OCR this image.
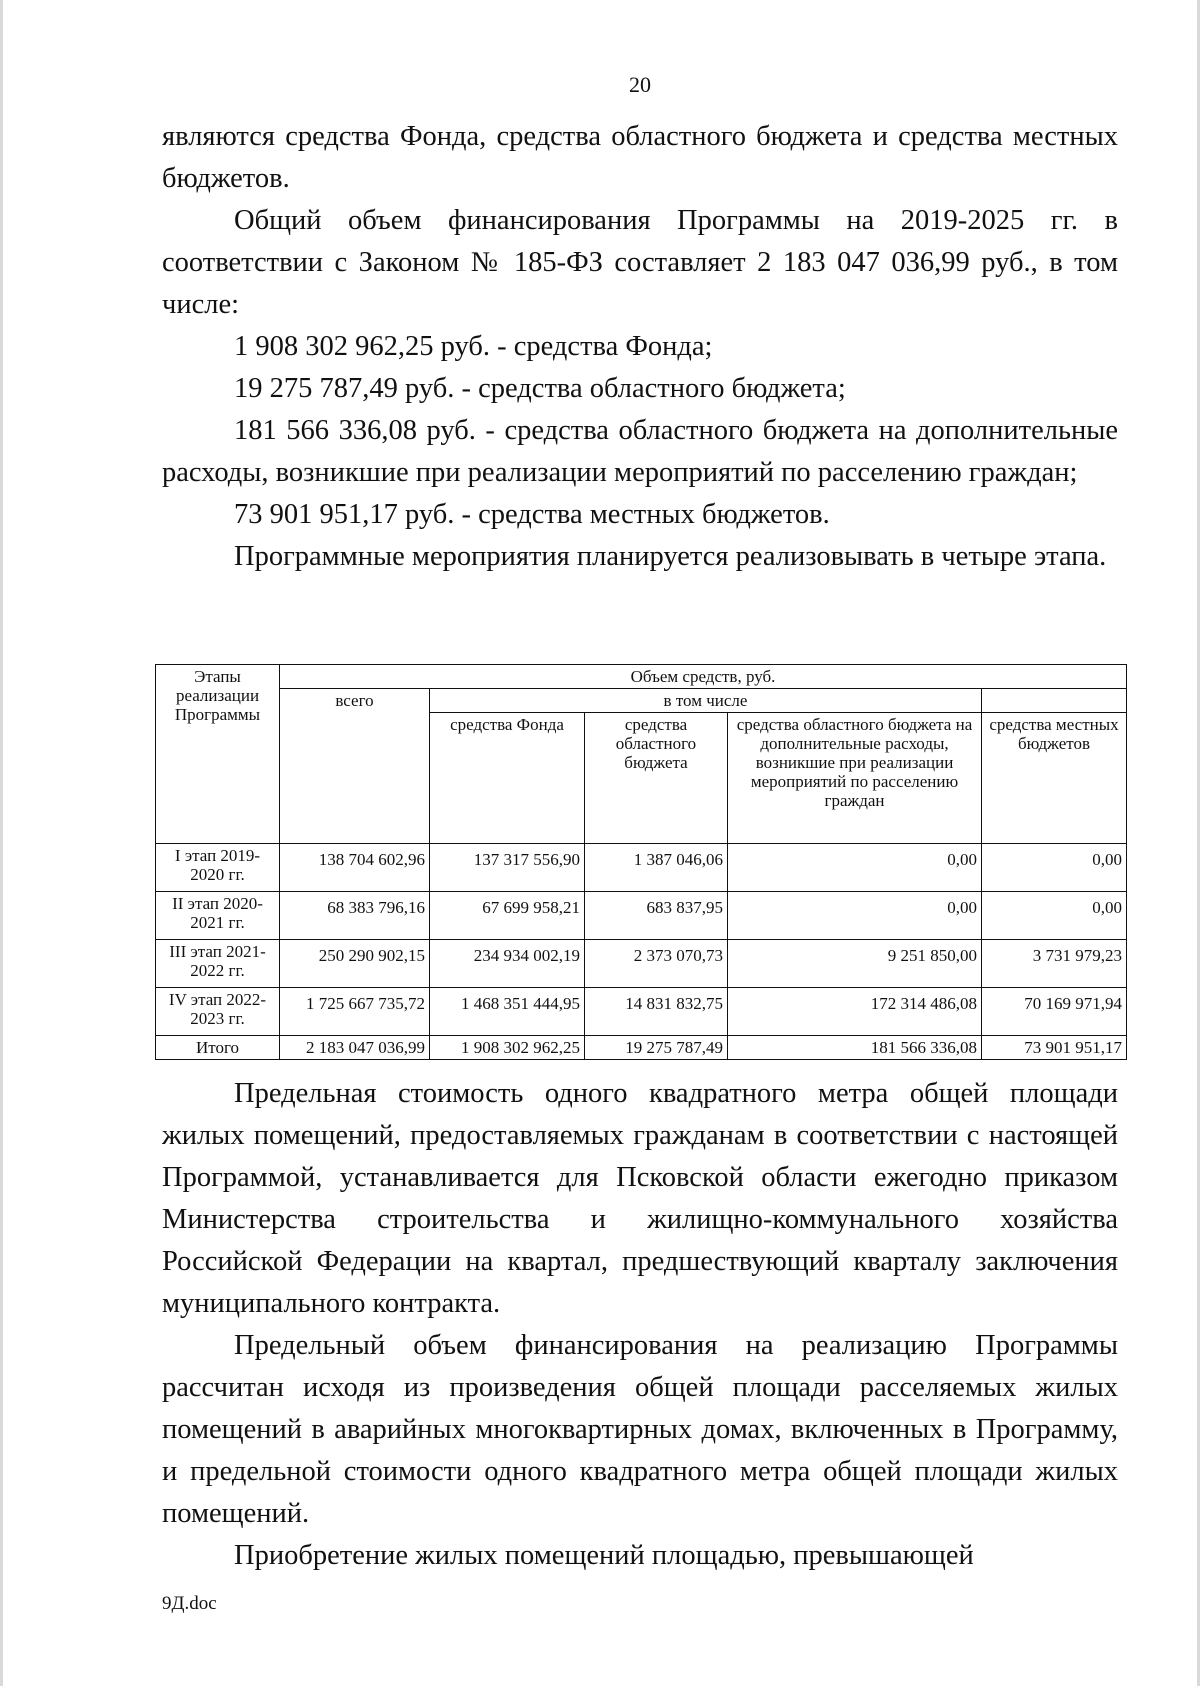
20

являются средства Фонда, средства областного бюджета и средства местных бюджетов.

Общий объем финансирования Программы на 2019-2025 гг. в соответствии с Законом № 185-ФЗ составляет 2 183 047 036,99 руб., в том числе:

1 908 302 962,25 руб. - средства Фонда;

19 275 787,49 руб. - средства областного бюджета;

181 566 336,08 руб. - средства областного бюджета на дополнительные расходы, возникшие при реализации мероприятий по расселению граждан;

73 901 951,17 руб. - средства местных бюджетов.

Программные мероприятия планируется реализовывать в четыре этапа.

Этапы реализации Программы	Объем средств, руб.				
	всего	в том числе			
		средства Фонда	средства областного бюджета	средства областного бюджета на дополнительные расходы, возникшие при реализации мероприятий по расселению граждан	средства местных бюджетов
I этап 2019-2020 гг.	138 704 602,96	137 317 556,90	1 387 046,06	0,00	0,00
II этап 2020-2021 гг.	68 383 796,16	67 699 958,21	683 837,95	0,00	0,00
III этап 2021-2022 гг.	250 290 902,15	234 934 002,19	2 373 070,73	9 251 850,00	3 731 979,23
IV этап 2022-2023 гг.	1 725 667 735,72	1 468 351 444,95	14 831 832,75	172 314 486,08	70 169 971,94
Итого	2 183 047 036,99	1 908 302 962,25	19 275 787,49	181 566 336,08	73 901 951,17

Предельная стоимость одного квадратного метра общей площади жилых помещений, предоставляемых гражданам в соответствии с настоящей Программой, устанавливается для Псковской области ежегодно приказом Министерства строительства и жилищно-коммунального хозяйства Российской Федерации на квартал, предшествующий кварталу заключения муниципального контракта.

Предельный объем финансирования на реализацию Программы рассчитан исходя из произведения общей площади расселяемых жилых помещений в аварийных многоквартирных домах, включенных в Программу, и предельной стоимости одного квадратного метра общей площади жилых помещений.

Приобретение жилых помещений площадью, превышающей

9Д.doc
